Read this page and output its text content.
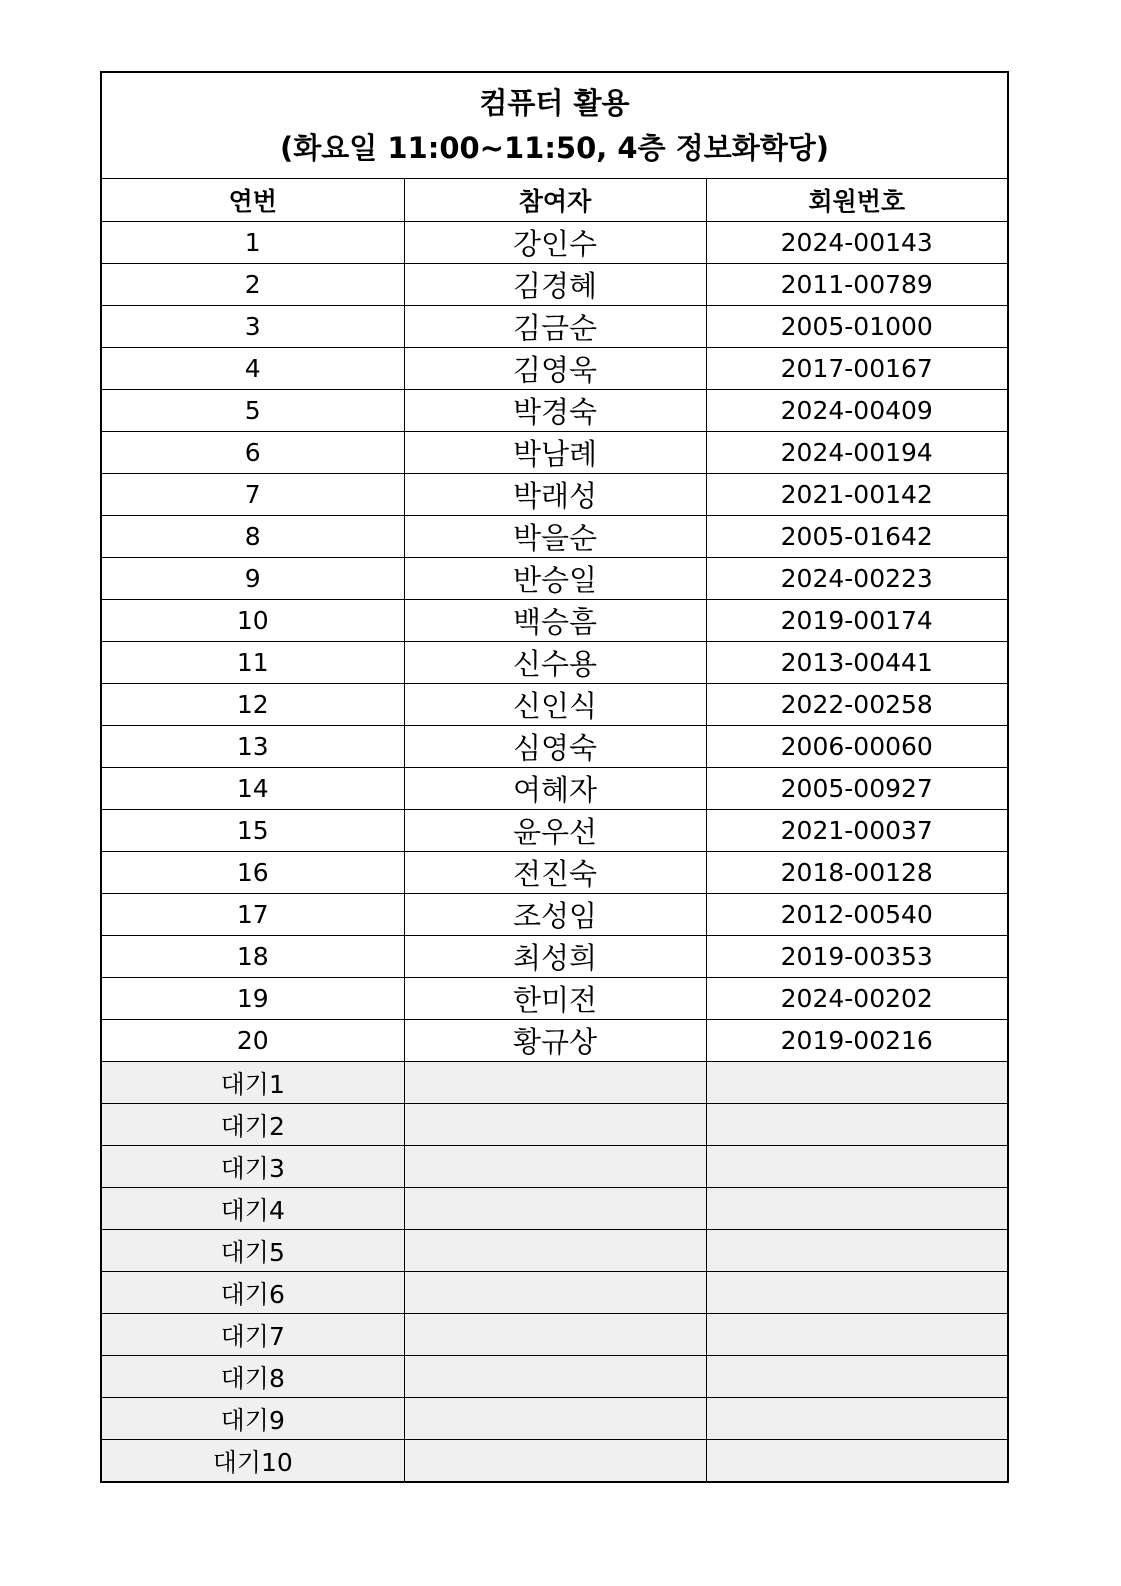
컴퓨터 활용
(화요일 11:00~11:50, 4층 정보화학당)
연번	참여자	회원번호
1	강인수	2024-00143
2	김경혜	2011-00789
3	김금순	2005-01000
4	김영욱	2017-00167
5	박경숙	2024-00409
6	박남례	2024-00194
7	박래성	2021-00142
8	박을순	2005-01642
9	반승일	2024-00223
10	백승흠	2019-00174
11	신수용	2013-00441
12	신인식	2022-00258
13	심영숙	2006-00060
14	여혜자	2005-00927
15	윤우선	2021-00037
16	전진숙	2018-00128
17	조성임	2012-00540
18	최성희	2019-00353
19	한미전	2024-00202
20	황규상	2019-00216
대기1		
대기2		
대기3		
대기4		
대기5		
대기6		
대기7		
대기8		
대기9		
대기10		
